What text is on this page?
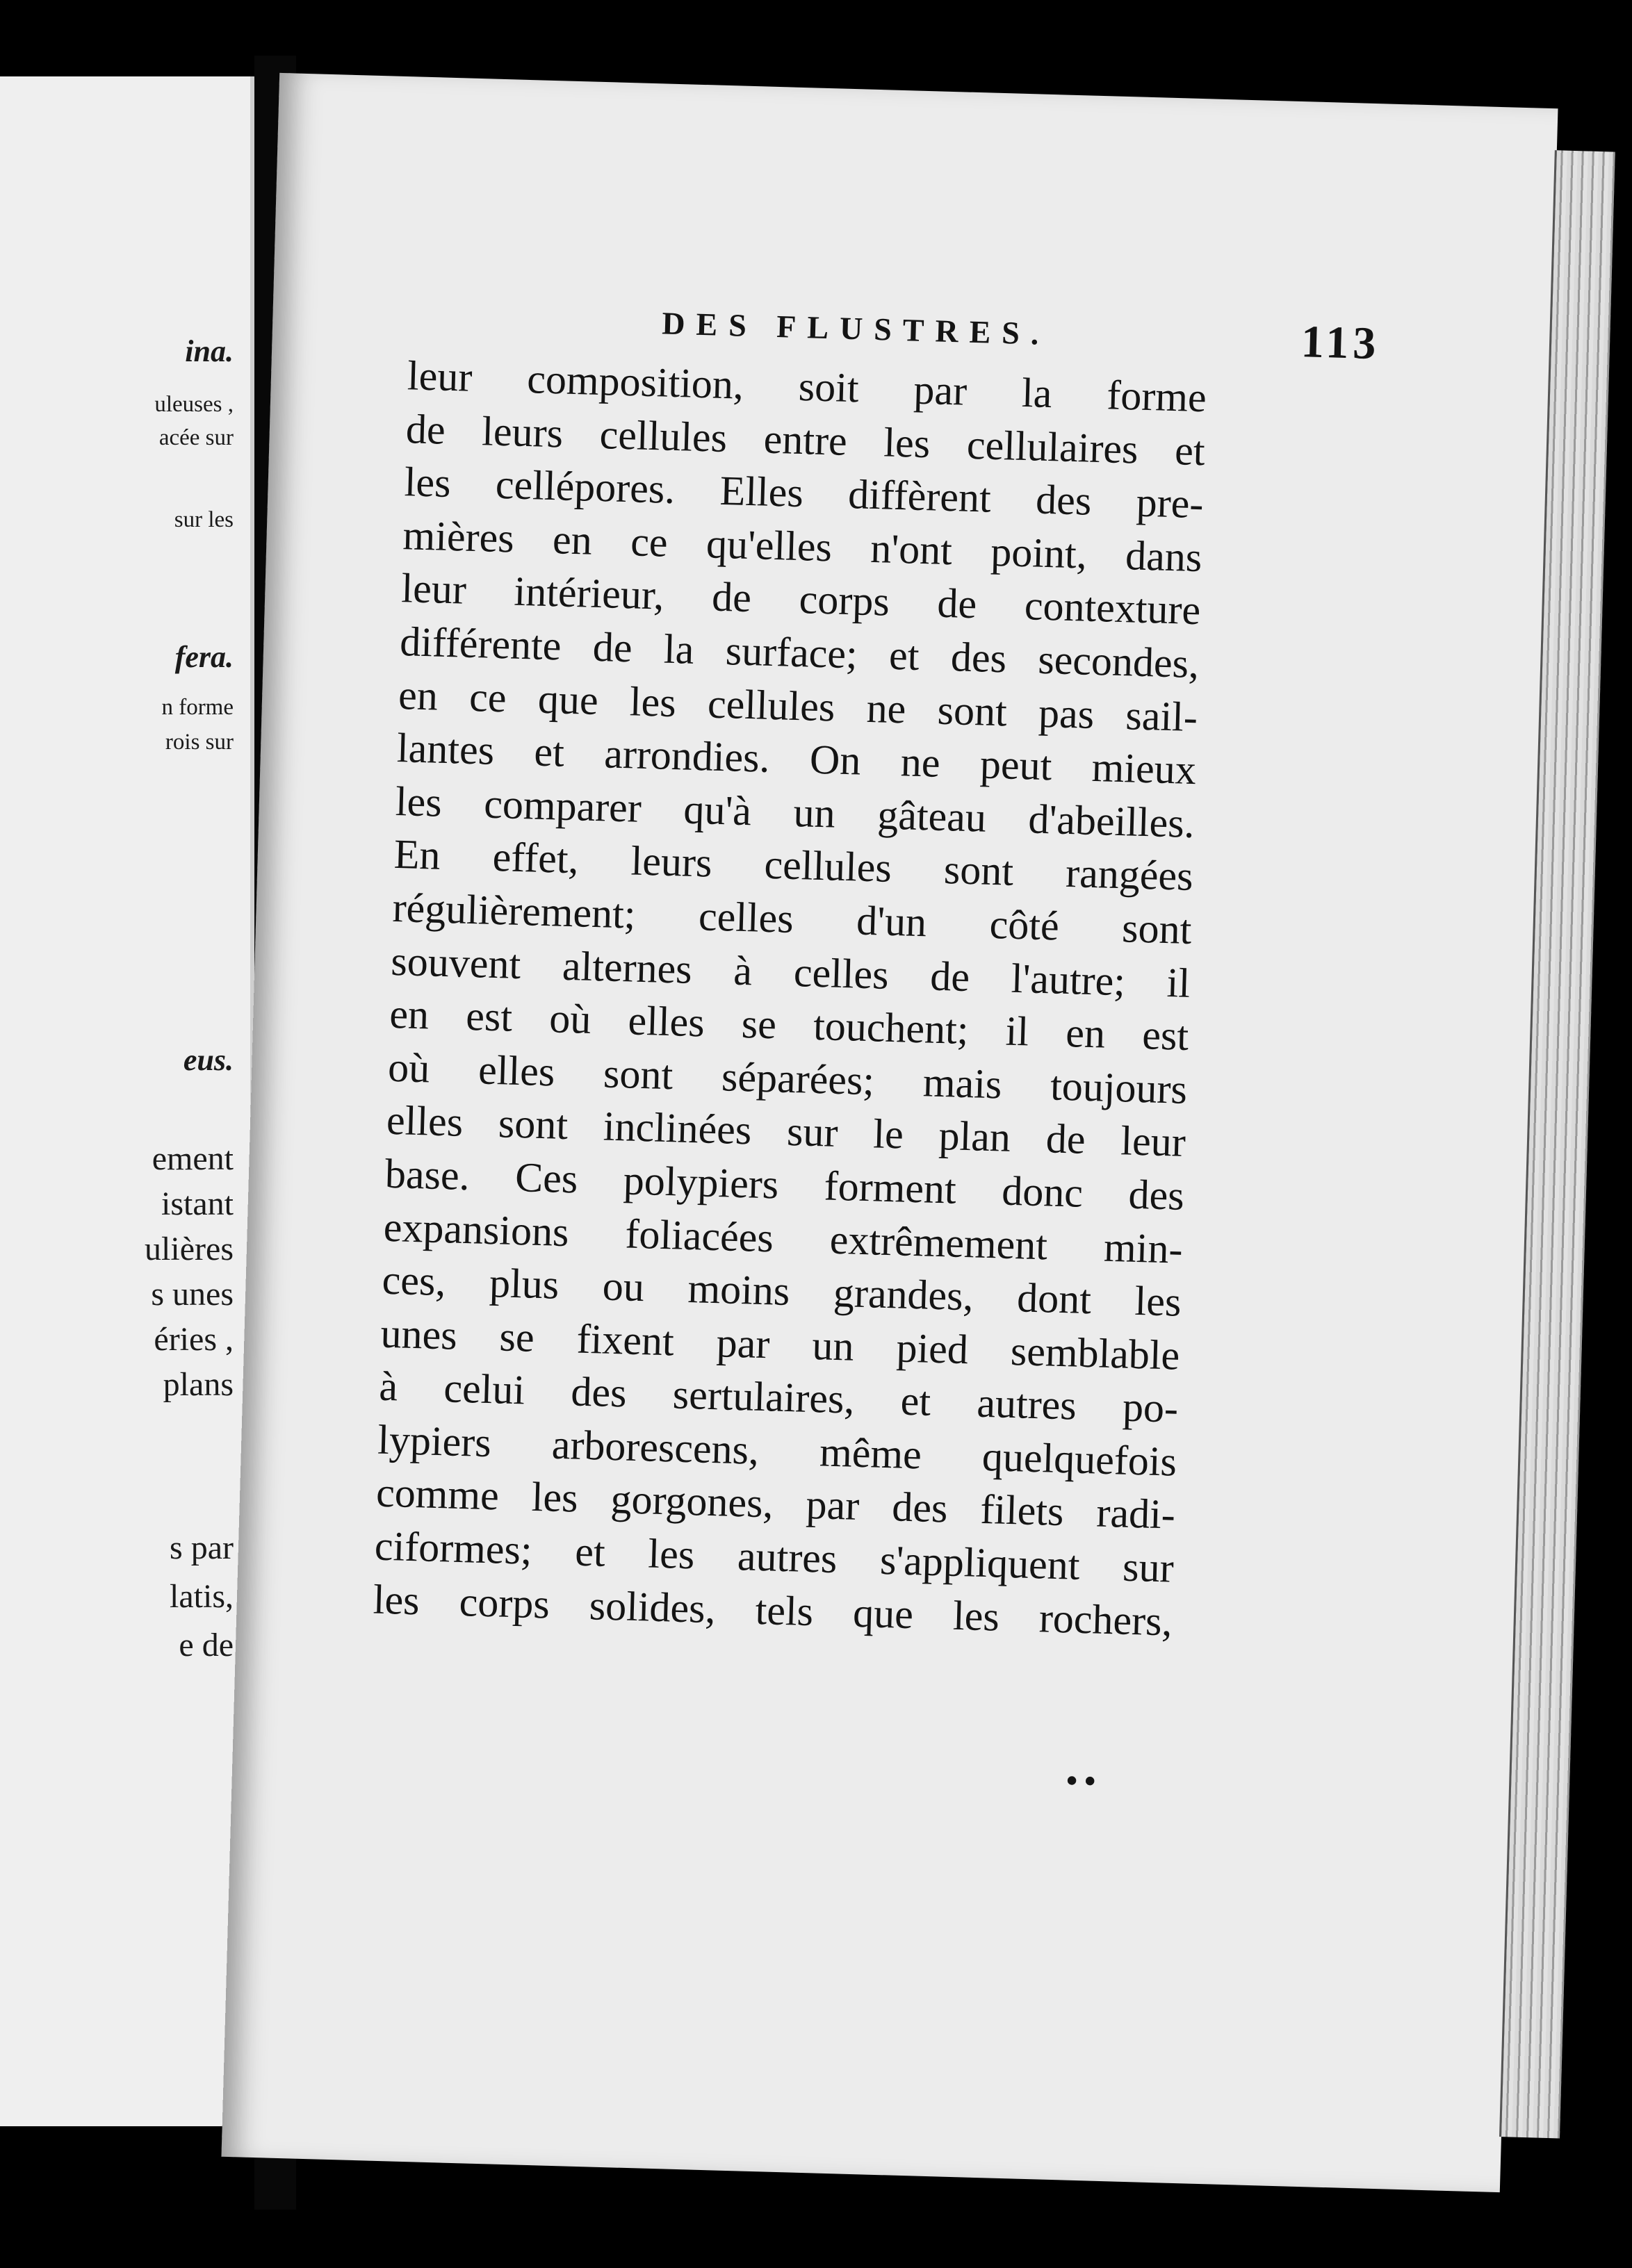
ina.
uleuses ,
acée sur
sur les
fera.
n forme
rois sur
eus.
ement
istant
ulières
s unes
éries ,
plans
s par
latis,
e de
DES FLUSTRES.	113
leur composition, soit par la forme
de leurs cellules entre les cellulaires et
les cellépores. Elles diffèrent des pre-
mières en ce qu'elles n'ont point, dans
leur intérieur, de corps de contexture
différente de la surface; et des secondes,
en ce que les cellules ne sont pas sail-
lantes et arrondies. On ne peut mieux
les comparer qu'à un gâteau d'abeilles.
En effet, leurs cellules sont rangées
régulièrement; celles d'un côté sont
souvent alternes à celles de l'autre; il
en est où elles se touchent; il en est
où elles sont séparées; mais toujours
elles sont inclinées sur le plan de leur
base. Ces polypiers forment donc des
expansions foliacées extrêmement min-
ces, plus ou moins grandes, dont les
unes se fixent par un pied semblable
à celui des sertulaires, et autres po-
lypiers arborescens, même quelquefois
comme les gorgones, par des filets radi-
ciformes; et les autres s'appliquent sur
les corps solides, tels que les rochers,
••
